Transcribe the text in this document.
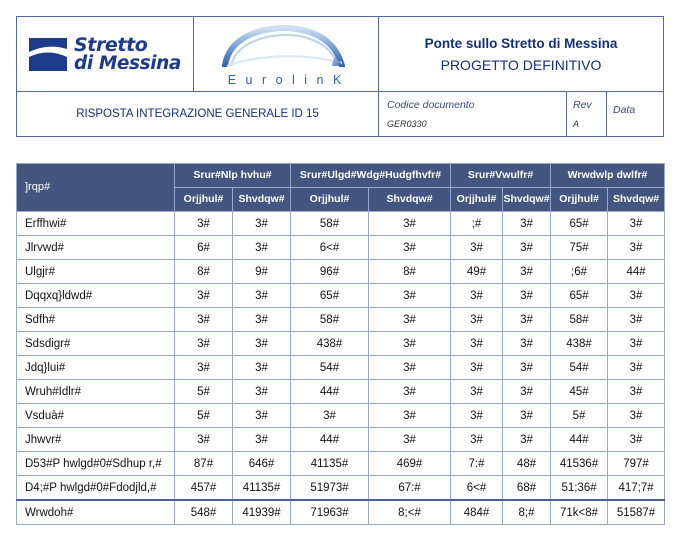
Stretto
di Messina
E u r o l i n K
Ponte sullo Stretto di Messina
PROGETTO DEFINITIVO
RISPOSTA INTEGRAZIONE GENERALE ID 15
Codice documento
GER0330
Rev
A
Data
]rqp#	Srur#Nlp hvhu#		Srur#Ulgd#Wdg#Hudgfhvfr#		Srur#Vwulfr#		Wrwdwlp dwlfr#	
	Orjjhul#	Shvdqw#	Orjjhul#	Shvdqw#	Orjjhul#	Shvdqw#	Orjjhul#	Shvdqw#
Erffhwi#	3#	3#	58#	3#	;#	3#	65#	3#
Jlrvwd#	6#	3#	6<#	3#	3#	3#	75#	3#
Ulgjr#	8#	9#	96#	8#	49#	3#	;6#	44#
Dqqxq}ldwd#	3#	3#	65#	3#	3#	3#	65#	3#
Sdfh#	3#	3#	58#	3#	3#	3#	58#	3#
Sdsdigr#	3#	3#	438#	3#	3#	3#	438#	3#
Jdq}lui#	3#	3#	54#	3#	3#	3#	54#	3#
Wruh#Idlr#	5#	3#	44#	3#	3#	3#	45#	3#
Vsduà#	5#	3#	3#	3#	3#	3#	5#	3#
Jhwvr#	3#	3#	44#	3#	3#	3#	44#	3#
D53#P hwlgd#0#Sdhup r,#	87#	646#	41135#	469#	7:#	48#	41536#	797#
D4;#P hwlgd#0#Fdodjld,#	457#	41135#	51973#	67:#	6<#	68#	51;36#	417;7#
Wrwdoh#	548#	41939#	71963#	8;<#	484#	8;#	71k<8#	51587#
